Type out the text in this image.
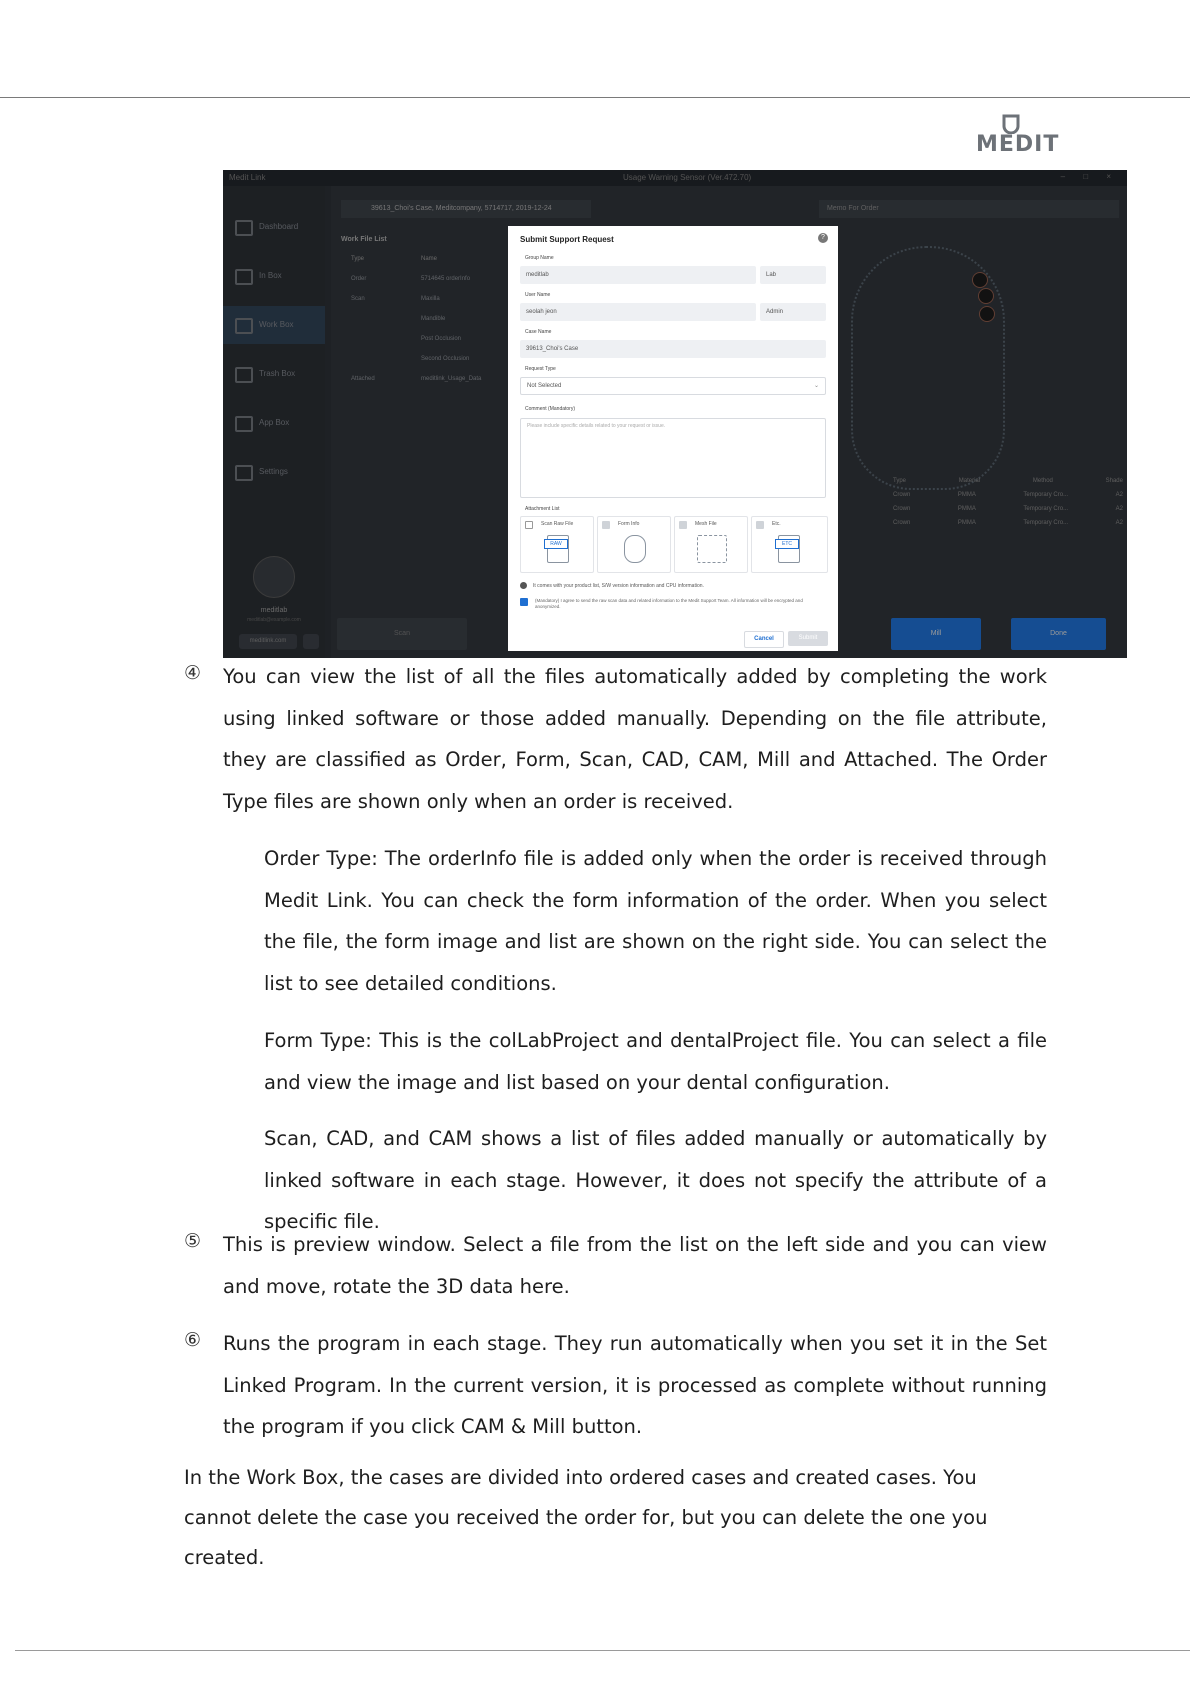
MEDIT
Medit Link	Usage Warning Sensor (Ver.472.70)	– □ ×
Dashboard
In Box
Work Box
Trash Box
App Box
Settings
meditlab
meditlab@example.com
meditlink.com
39613_Choi's Case, Meditcompany, 5714717, 2019-12-24	Memo For Order
Work File List
Type	Name
Order	5714645 orderInfo
Scan	Maxilla
Mandible
Post Occlusion
Second Occlusion
Attached	meditlink_Usage_Data
Type	Material	Method	Shade
Crown	PMMA	Temporary Cro...	A2
Crown	PMMA	Temporary Cro...	A2
Crown	PMMA	Temporary Cro...	A2
Scan	Mill	Done
Submit Support Request	?
Group Name
meditlab	Lab
User Name
seolah jeon	Admin
Case Name
39613_Choi's Case
Request Type
Not Selected	⌄
Comment (Mandatory)
Please include specific details related to your request or issue.
Attachment List
Scan Raw File
RAW
Form Info	Mesh File	Etc.
ETC
It comes with your product list, S/W version information and CPU information.
(Mandatory) I agree to send the raw scan data and related information to the Medit Support Team. All information will be encrypted and anonymized.
Cancel	Submit
④ You can view the list of all the files automatically added by completing the work using linked software or those added manually. Depending on the file attribute, they are classified as Order, Form, Scan, CAD, CAM, Mill and Attached. The Order Type files are shown only when an order is received.

Order Type: The orderInfo file is added only when the order is received through Medit Link. You can check the form information of the order. When you select the file, the form image and list are shown on the right side. You can select the list to see detailed conditions.

Form Type: This is the colLabProject and dentalProject file. You can select a file and view the image and list based on your dental configuration.

Scan, CAD, and CAM shows a list of files added manually or automatically by linked software in each stage. However, it does not specify the attribute of a specific file.

⑤ This is preview window. Select a file from the list on the left side and you can view and move, rotate the 3D data here.

⑥ Runs the program in each stage. They run automatically when you set it in the Set Linked Program. In the current version, it is processed as complete without running the program if you click CAM & Mill button.

In the Work Box, the cases are divided into ordered cases and created cases. You cannot delete the case you received the order for, but you can delete the one you created.
